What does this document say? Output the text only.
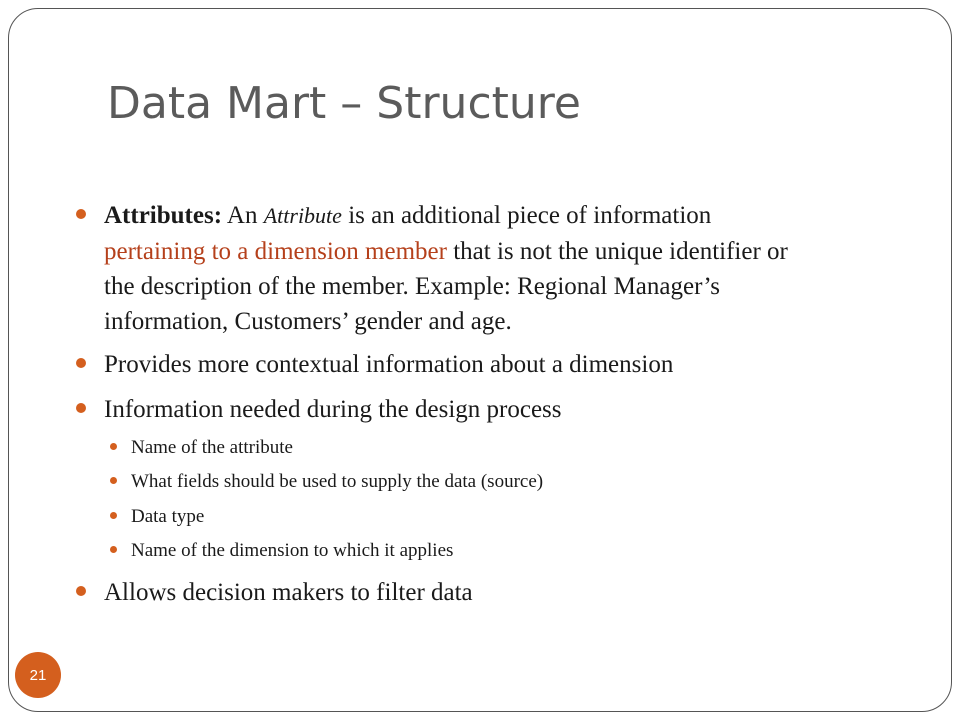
Data Mart – Structure
Attributes: An Attribute is an additional piece of information
pertaining to a dimension member that is not the unique identifier or
the description of the member. Example: Regional Manager’s
information, Customers’ gender and age.
Provides more contextual information about a dimension
Information needed during the design process
Name of the attribute
What fields should be used to supply the data (source)
Data type
Name of the dimension to which it applies
Allows decision makers to filter data
21
